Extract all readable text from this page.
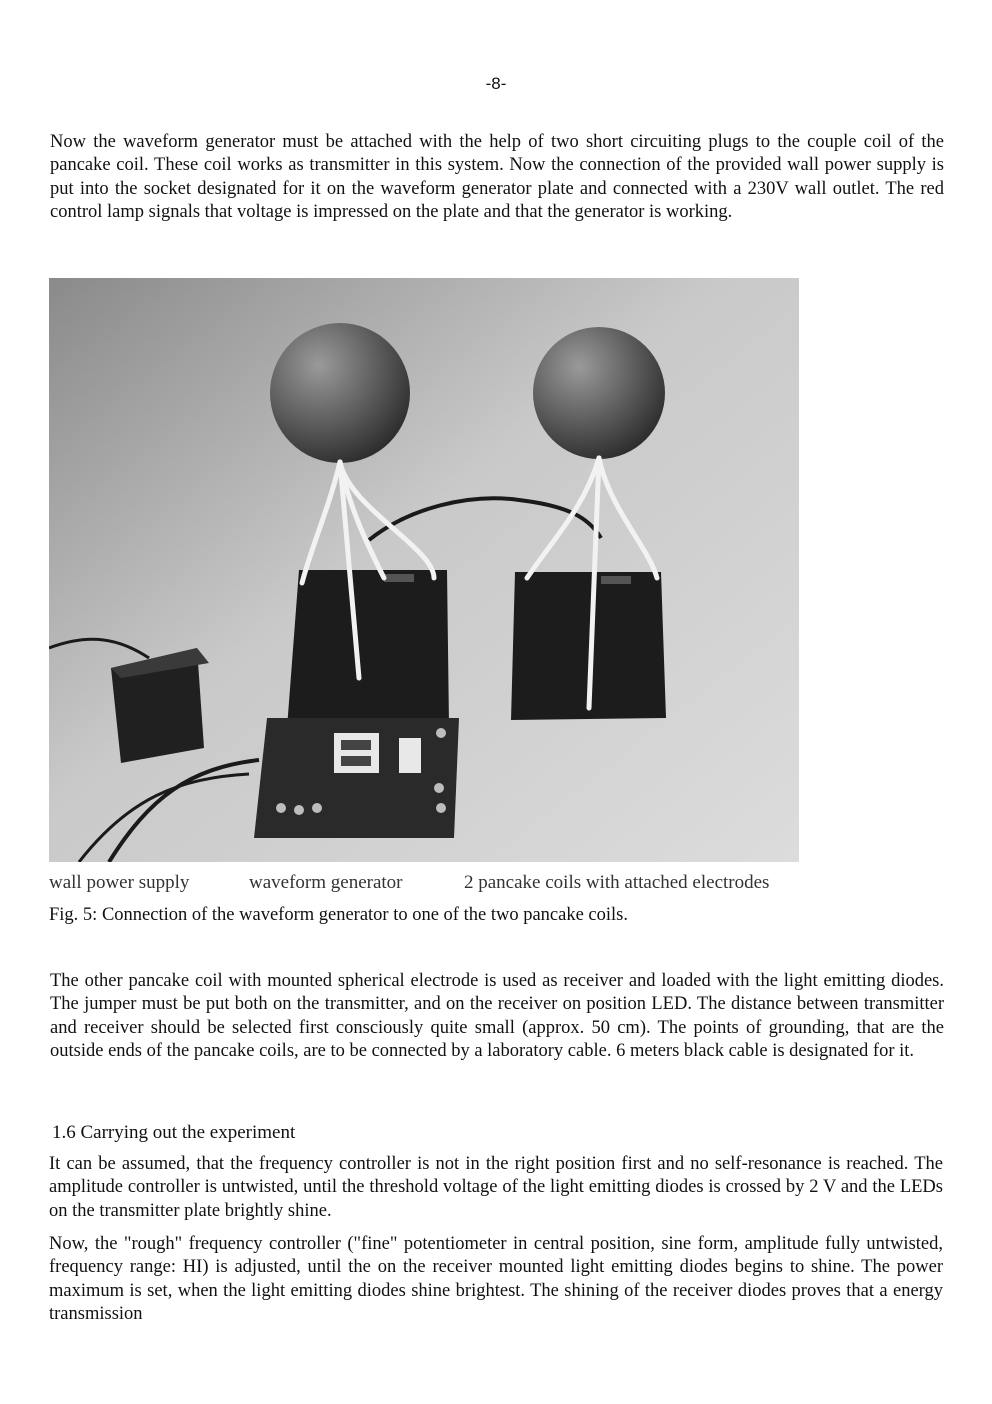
-8-

Now the waveform generator must be attached with the help of two short circuiting plugs to the couple coil of the pancake coil. These coil works as transmitter in this system. Now the connection of the provided wall power supply is put into the socket designated for it on the waveform generator plate and connected with a 230V wall outlet. The red control lamp signals that voltage is impressed on the plate and that the generator is working.

wall power supply	waveform generator	2 pancake coils with attached electrodes

Fig. 5: Connection of the waveform generator to one of the two pancake coils.

The other pancake coil with mounted spherical electrode is used as receiver and loaded with the light emitting diodes. The jumper must be put both on the transmitter, and on the receiver on position LED. The distance between transmitter and receiver should be selected first consciously quite small (approx. 50 cm). The points of grounding, that are the outside ends of the pancake coils, are to be connected by a laboratory cable. 6 meters black cable is designated for it.

1.6 Carrying out the experiment

It can be assumed, that the frequency controller is not in the right position first and no self-resonance is reached. The amplitude controller is untwisted, until the threshold voltage of the light emitting diodes is crossed by 2 V and the LEDs on the transmitter plate brightly shine.

Now, the "rough" frequency controller ("fine" potentiometer in central position, sine form, amplitude fully untwisted, frequency range: HI) is adjusted, until the on the receiver mounted light emitting diodes begins to shine. The power maximum is set, when the light emitting diodes shine brightest. The shining of the receiver diodes proves that a energy transmission
